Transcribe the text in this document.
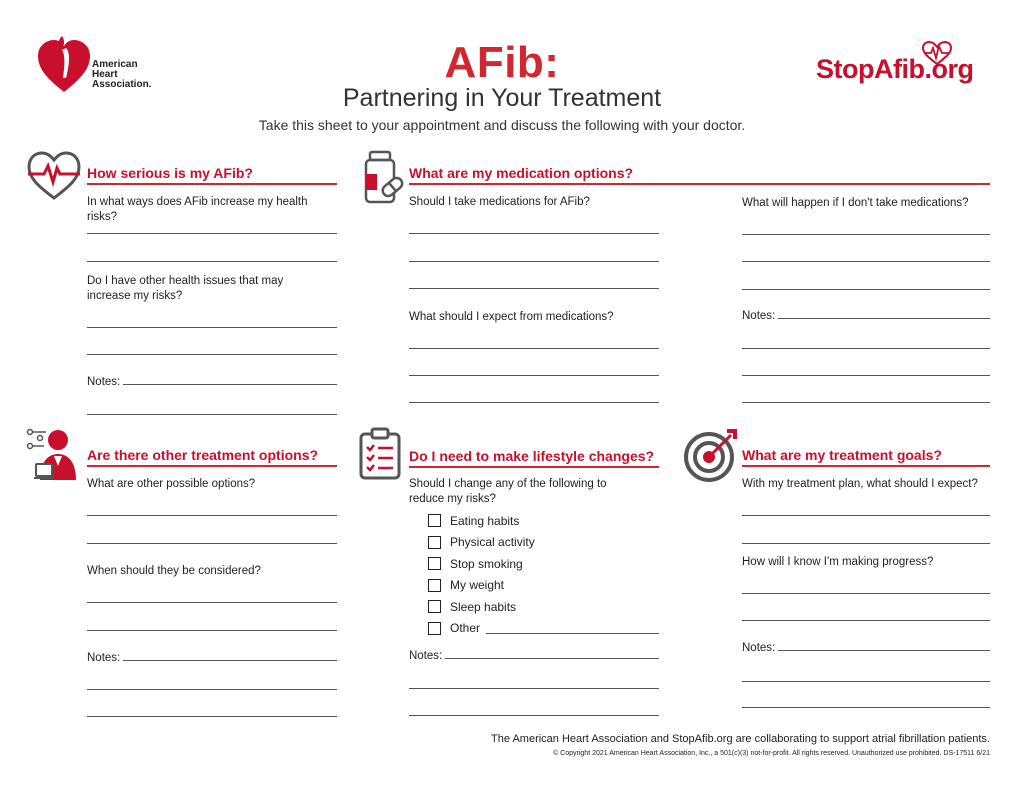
American
Heart
Association.	AFib:
Partnering in Your Treatment
Take this sheet to your appointment and discuss the following with your doctor.
StopAfib.org
How serious is my AFib?
In what ways does AFib increase my health risks?
Do I have other health issues that may increase my risks?
Notes:
What are my medication options?
Should I take medications for AFib?
What should I expect from medications?
What will happen if I don't take medications?
Notes:
Are there other treatment options?
What are other possible options?
When should they be considered?
Notes:
Do I need to make lifestyle changes?
Should I change any of the following to reduce my risks?
Eating habits
Physical activity
Stop smoking
My weight
Sleep habits
Other
Notes:
What are my treatment goals?
With my treatment plan, what should I expect?
How will I know I'm making progress?
Notes:
The American Heart Association and StopAfib.org are collaborating to support atrial fibrillation patients.
© Copyright 2021 American Heart Association, Inc., a 501(c)(3) not-for-profit. All rights reserved. Unauthorized use prohibited. DS-17511 6/21
